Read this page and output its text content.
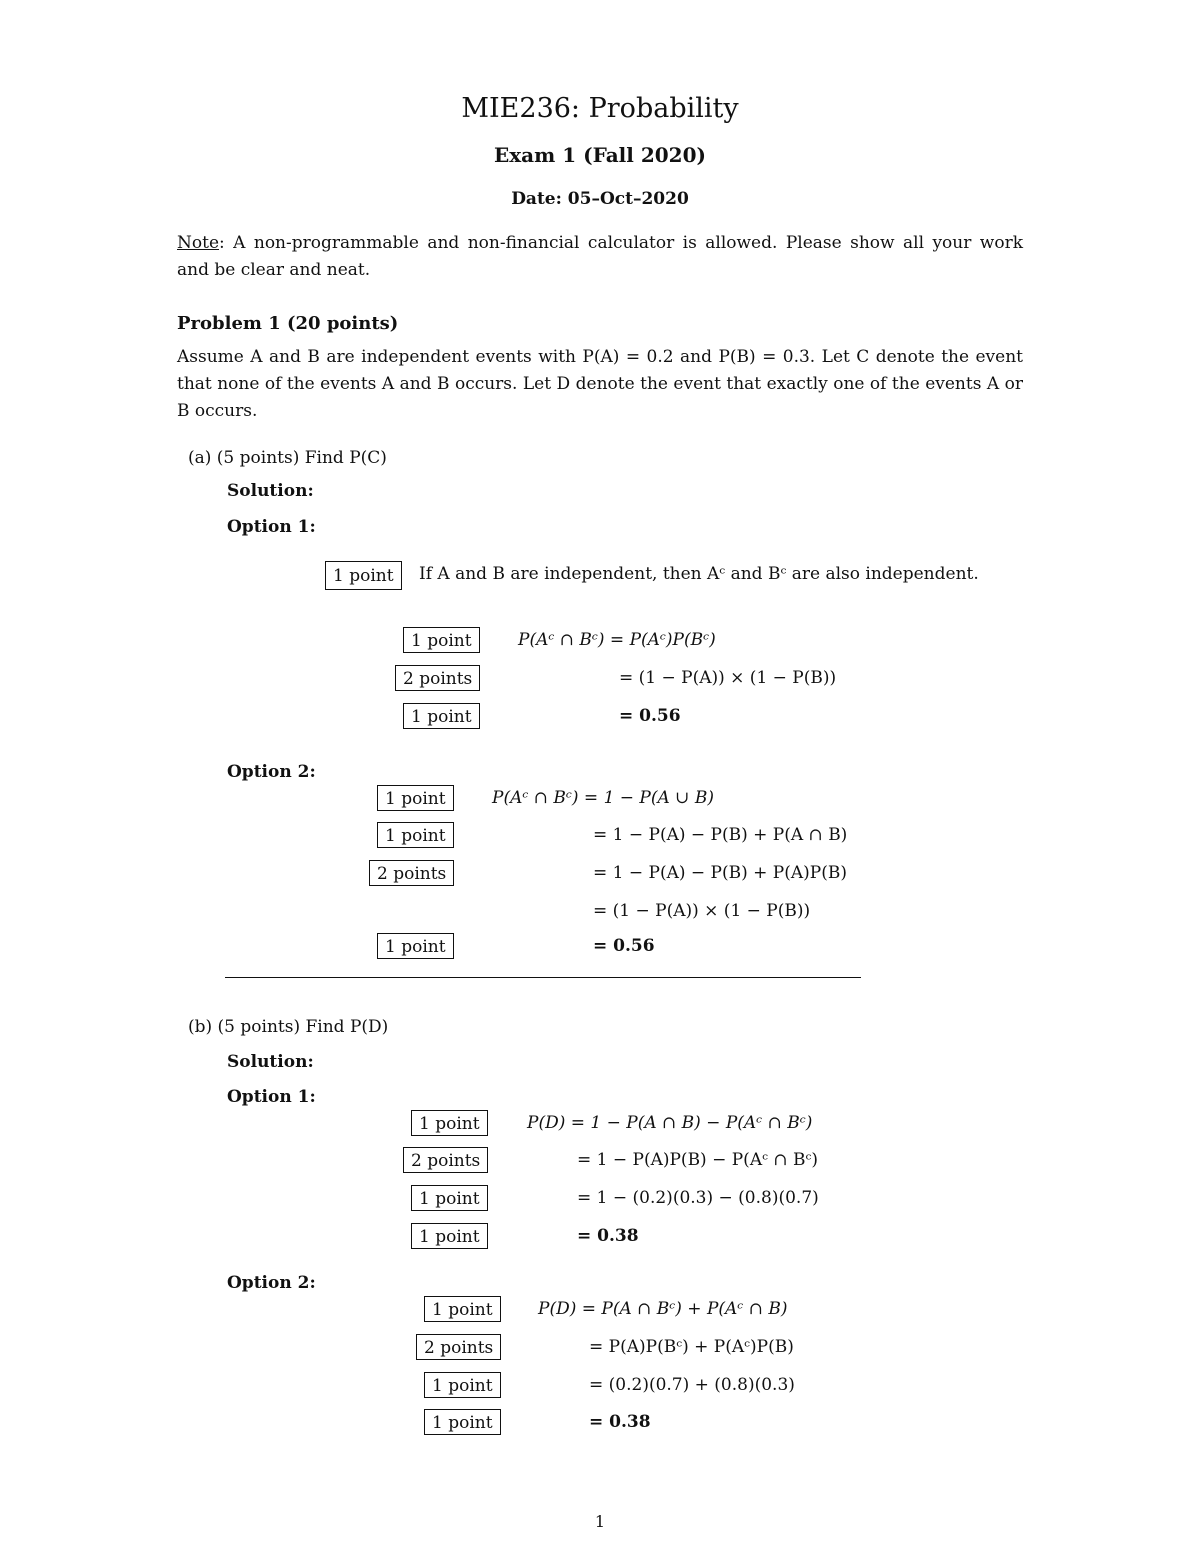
MIE236: Probability
Exam 1 (Fall 2020)
Date: 05–Oct–2020
Note: A non-programmable and non-financial calculator is allowed. Please show all your work and be clear and neat.
Problem 1 (20 points)
Assume A and B are independent events with P(A) = 0.2 and P(B) = 0.3. Let C denote the event that none of the events A and B occurs. Let D denote the event that exactly one of the events A or B occurs.
(a) (5 points) Find P(C)
Solution:
Option 1:
1 point	If A and B are independent, then Aᶜ and Bᶜ are also independent.
1 point	P(Aᶜ ∩ Bᶜ) = P(Aᶜ)P(Bᶜ)
2 points	= (1 − P(A)) × (1 − P(B))
1 point	= 0.56
Option 2:
1 point	P(Aᶜ ∩ Bᶜ) = 1 − P(A ∪ B)
1 point	= 1 − P(A) − P(B) + P(A ∩ B)
2 points	= 1 − P(A) − P(B) + P(A)P(B)
= (1 − P(A)) × (1 − P(B))
1 point	= 0.56
(b) (5 points) Find P(D)
Solution:
Option 1:
1 point	P(D) = 1 − P(A ∩ B) − P(Aᶜ ∩ Bᶜ)
2 points	= 1 − P(A)P(B) − P(Aᶜ ∩ Bᶜ)
1 point	= 1 − (0.2)(0.3) − (0.8)(0.7)
1 point	= 0.38
Option 2:
1 point	P(D) = P(A ∩ Bᶜ) + P(Aᶜ ∩ B)
2 points	= P(A)P(Bᶜ) + P(Aᶜ)P(B)
1 point	= (0.2)(0.7) + (0.8)(0.3)
1 point	= 0.38
1
